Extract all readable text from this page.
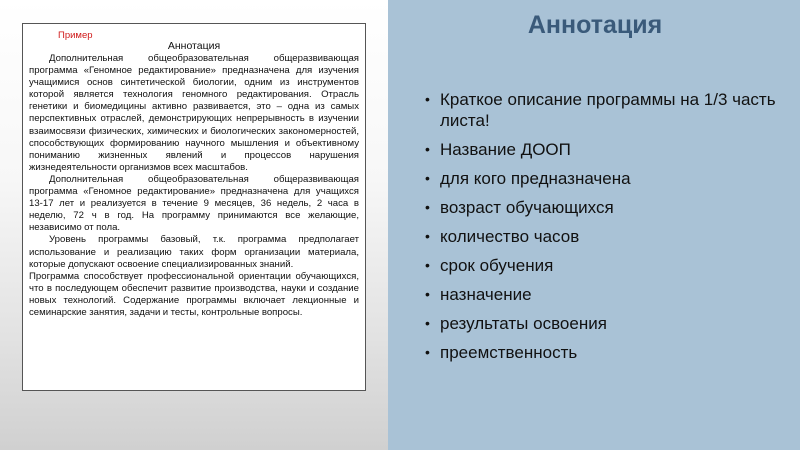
Аннотация

Дополнительная общеобразовательная общеразвивающая программа «Геномное редактирование» предназначена для изучения учащимися основ синтетической биологии, одним из инструментов которой является технология геномного редактирования. Отрасль генетики и биомедицины активно развивается, это – одна из самых перспективных отраслей, демонстрирующих непрерывность в изучении взаимосвязи физических, химических и биологических закономерностей, способствующих формированию научного мышления и объективному пониманию жизненных явлений и процессов нарушения жизнедеятельности организмов всех масштабов.

Дополнительная общеобразовательная общеразвивающая программа «Геномное редактирование» предназначена для учащихся 13-17 лет и реализуется в течение 9 месяцев, 36 недель, 2 часа в неделю, 72 ч в год. На программу принимаются все желающие, независимо от пола.

Уровень программы базовый, т.к. программа предполагает использование и реализацию таких форм организации материала, которые допускают освоение специализированных знаний.

Программа способствует профессиональной ориентации обучающихся, что в последующем обеспечит развитие производства, науки и создание новых технологий. Содержание программы включает лекционные и семинарские занятия, задачи и тесты, контрольные вопросы.

Пример	Аннотация
• Краткое описание программы на 1/3 часть листа!
• Название ДООП
• для кого предназначена
• возраст обучающихся
• количество часов
• срок обучения
• назначение
• результаты освоения
• преемственность
